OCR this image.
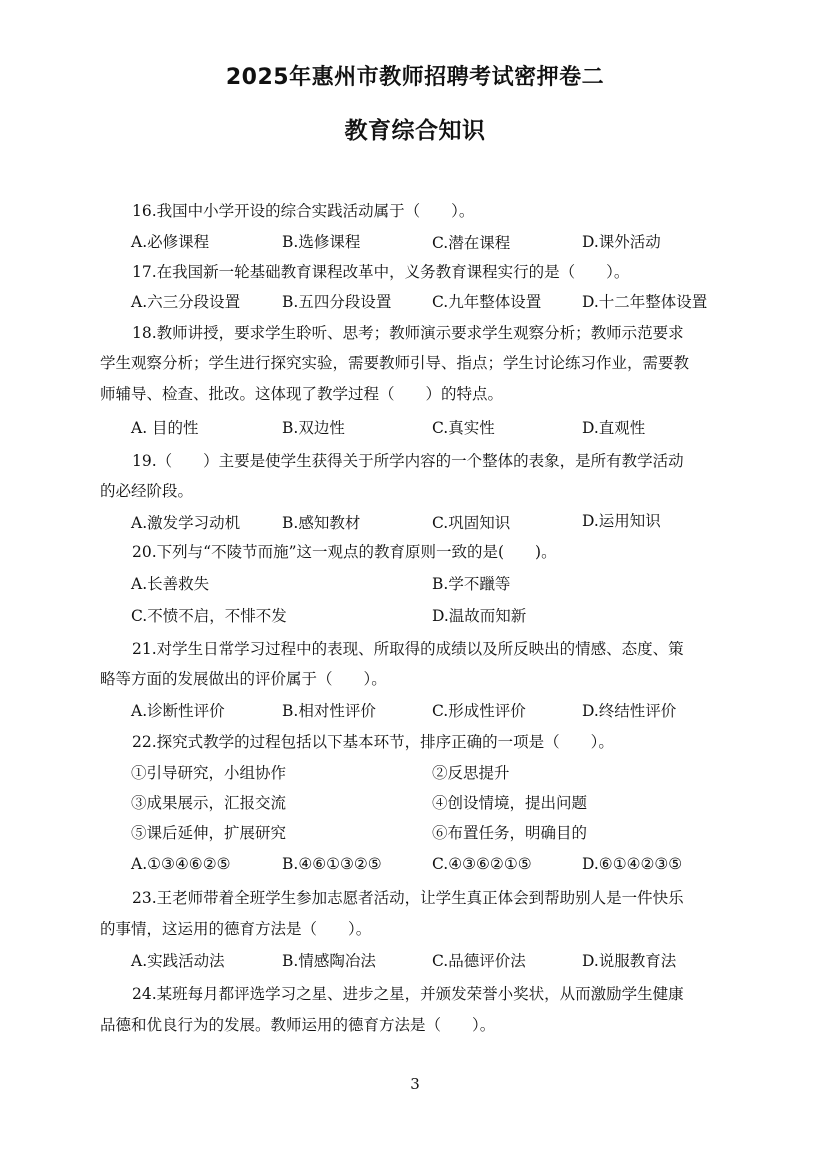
2025年惠州市教师招聘考试密押卷二
教育综合知识
16.我国中小学开设的综合实践活动属于（　　）。
A.必修课程	B.选修课程	C.潜在课程	D.课外活动
17.在我国新一轮基础教育课程改革中，义务教育课程实行的是（　　）。
A.六三分段设置	B.五四分段设置	C.九年整体设置	D.十二年整体设置
18.教师讲授，要求学生聆听、思考；教师演示要求学生观察分析；教师示范要求
学生观察分析；学生进行探究实验，需要教师引导、指点；学生讨论练习作业，需要教
师辅导、检查、批改。这体现了教学过程（　　）的特点。
A. 目的性	B.双边性	C.真实性	D.直观性
19.（　　）主要是使学生获得关于所学内容的一个整体的表象，是所有教学活动
的必经阶段。
A.激发学习动机	B.感知教材	C.巩固知识	D.运用知识
20.下列与“不陵节而施”这一观点的教育原则一致的是(　　)。
A.长善救失	B.学不躐等
C.不愤不启，不悱不发	D.温故而知新
21.对学生日常学习过程中的表现、所取得的成绩以及所反映出的情感、态度、策
略等方面的发展做出的评价属于（　　）。
A.诊断性评价	B.相对性评价	C.形成性评价	D.终结性评价
22.探究式教学的过程包括以下基本环节，排序正确的一项是（　　）。
①引导研究，小组协作	②反思提升
③成果展示，汇报交流	④创设情境，提出问题
⑤课后延伸，扩展研究	⑥布置任务，明确目的
A.①③④⑥②⑤	B.④⑥①③②⑤	C.④③⑥②①⑤	D.⑥①④②③⑤
23.王老师带着全班学生参加志愿者活动，让学生真正体会到帮助别人是一件快乐
的事情，这运用的德育方法是（　　）。
A.实践活动法	B.情感陶冶法	C.品德评价法	D.说服教育法
24.某班每月都评选学习之星、进步之星，并颁发荣誉小奖状，从而激励学生健康
品德和优良行为的发展。教师运用的德育方法是（　　）。
3
